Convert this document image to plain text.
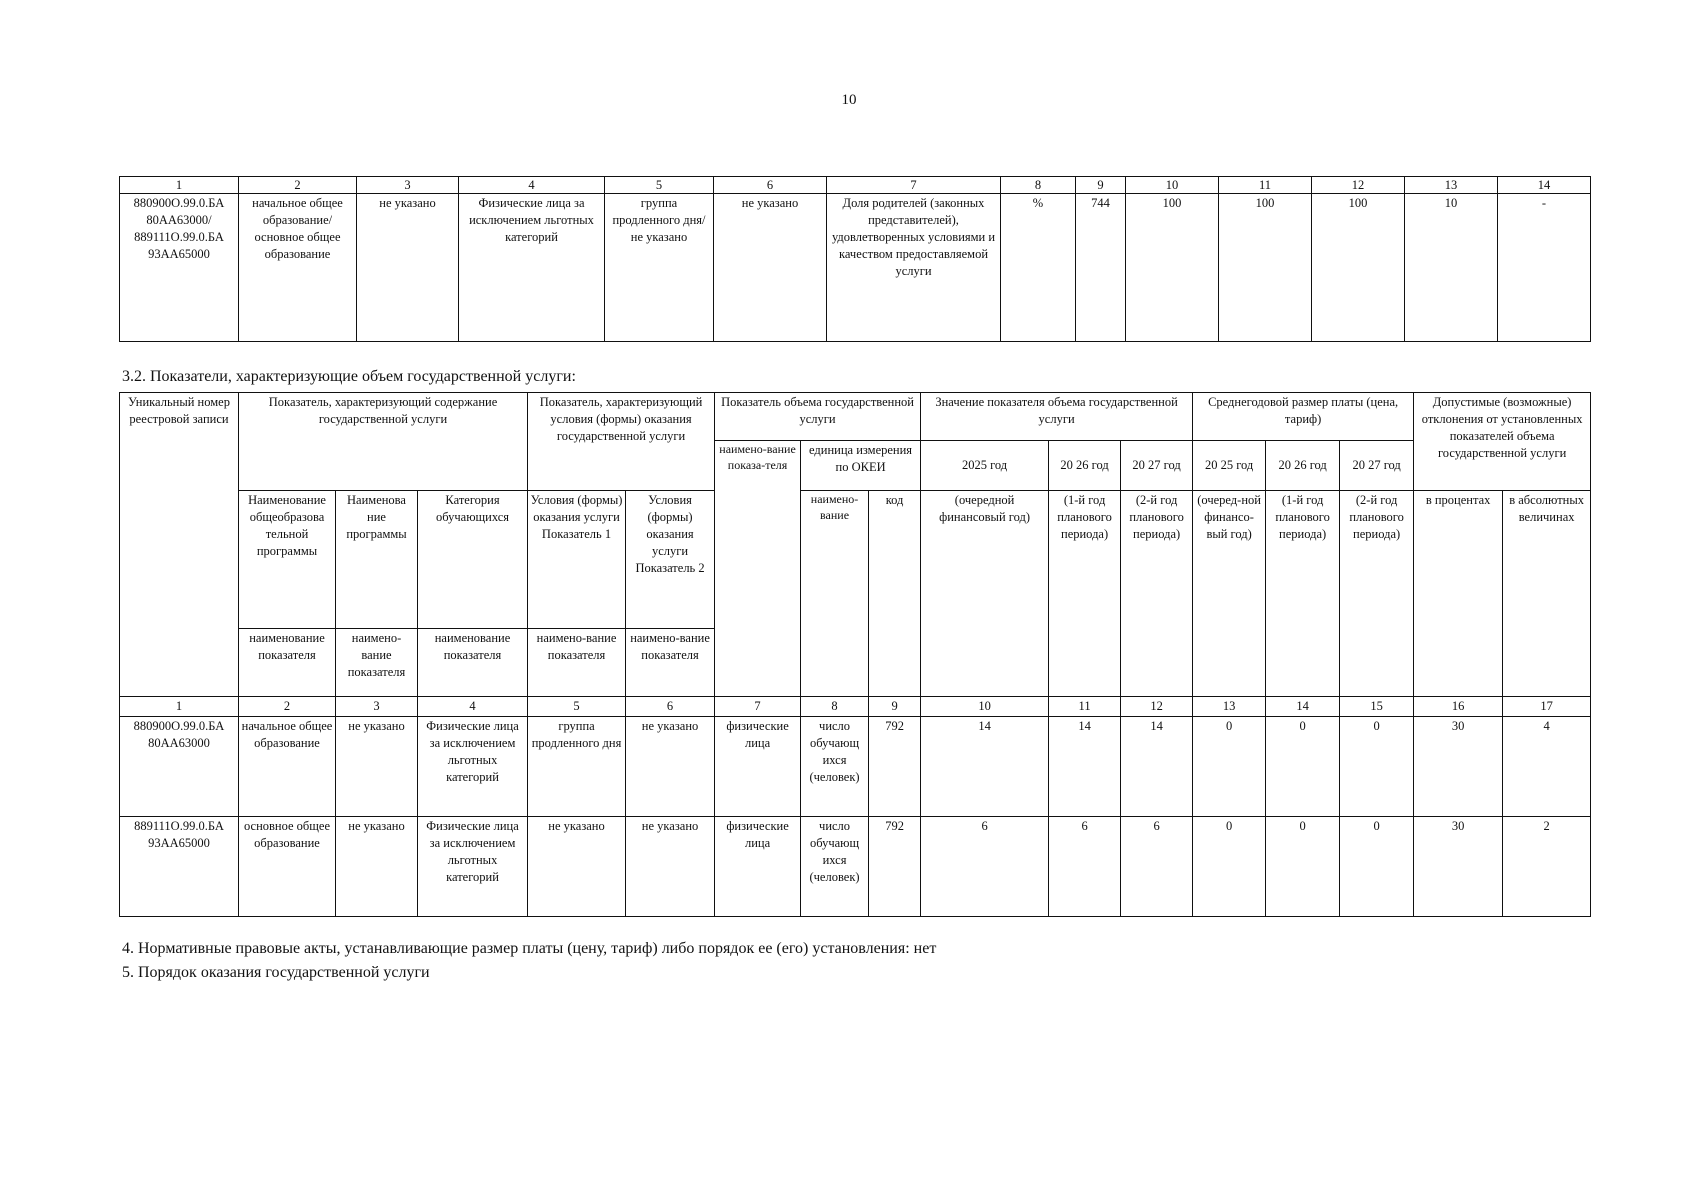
10
1	2	3	4	5	6	7	8	9	10	11	12	13	14
880900О.99.0.БА 80АА63000/ 889111О.99.0.БА 93АА65000	начальное общее образование/ основное общее образование	не указано	Физические лица за исключением льготных категорий	группа продленного дня/ не указано	не указано	Доля родителей (законных представителей), удовлетворенных условиями и качеством предоставляемой услуги	%	744	100	100	100	10	-
3.2. Показатели, характеризующие объем государственной услуги:
Уникальный номер реестровой записи	Показатель, характеризующий содержание государственной услуги			Показатель, характеризующий условия (формы) оказания государственной услуги		Показатель объема государственной услуги			Значение показателя объема государственной услуги			Среднегодовой размер платы (цена, тариф)			Допустимые (возможные) отклонения от установленных показателей объема государственной услуги	
						наимено-вание показа-теля	единица измерения по ОКЕИ		2025 год	20 26 год	20 27 год	20 25 год	20 26 год	20 27 год		
	Наименование общеобразова тельной программы	Наименова ние программы	Категория обучающихся	Условия (формы) оказания услуги Показатель 1	Условия (формы) оказания услуги Показатель 2		наимено-вание	код	(очередной финансовый год)	(1-й год планового периода)	(2-й год планового периода)	(очеред-ной финансо-вый год)	(1-й год планового периода)	(2-й год планового периода)	в процентах	в абсолютных величинах
	наименование показателя	наимено-вание показателя	наименование показателя	наимено-вание показателя	наимено-вание показателя											
1	2	3	4	5	6	7	8	9	10	11	12	13	14	15	16	17
880900О.99.0.БА 80АА63000	начальное общее образование	не указано	Физические лица за исключением льготных категорий	группа продленного дня	не указано	физические лица	число обучающ ихся (человек)	792	14	14	14	0	0	0	30	4
889111О.99.0.БА 93АА65000	основное общее образование	не указано	Физические лица за исключением льготных категорий	не указано	не указано	физические лица	число обучающ ихся (человек)	792	6	6	6	0	0	0	30	2
4. Нормативные правовые акты, устанавливающие размер платы (цену, тариф) либо порядок ее (его) установления: нет
5. Порядок оказания государственной услуги
